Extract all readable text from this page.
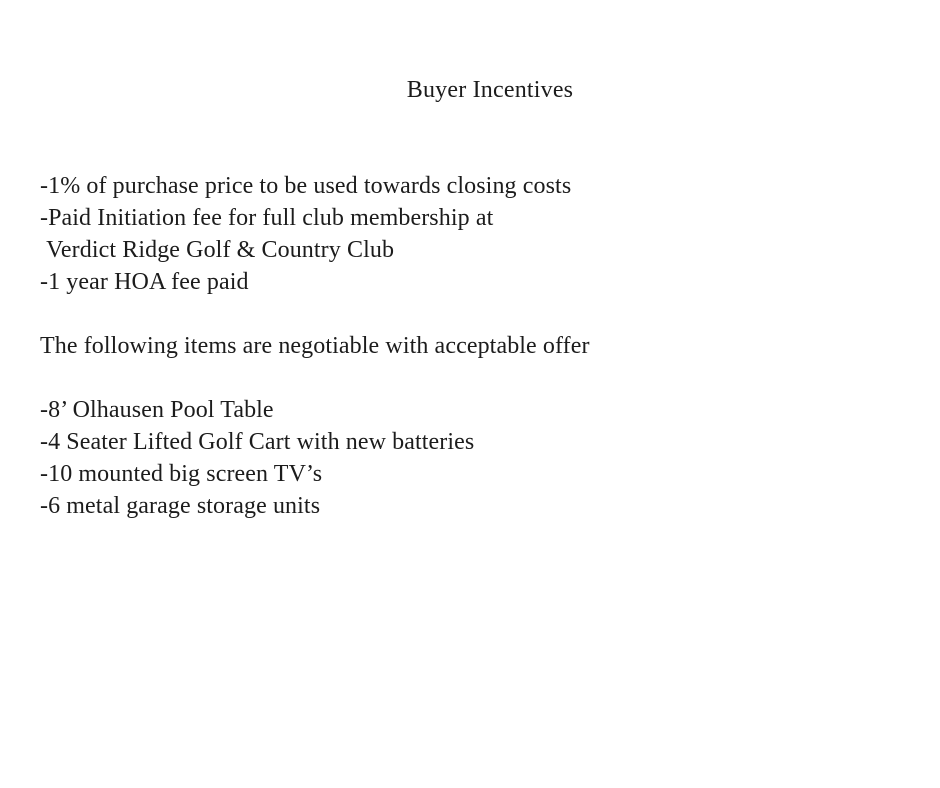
Buyer Incentives

-1% of purchase price to be used towards closing costs

-Paid Initiation fee for full club membership at

Verdict Ridge Golf & Country Club

-1 year HOA fee paid

The following items are negotiable with acceptable offer

-8’ Olhausen Pool Table

-4 Seater Lifted Golf Cart with new batteries

-10 mounted big screen TV’s

-6 metal garage storage units
